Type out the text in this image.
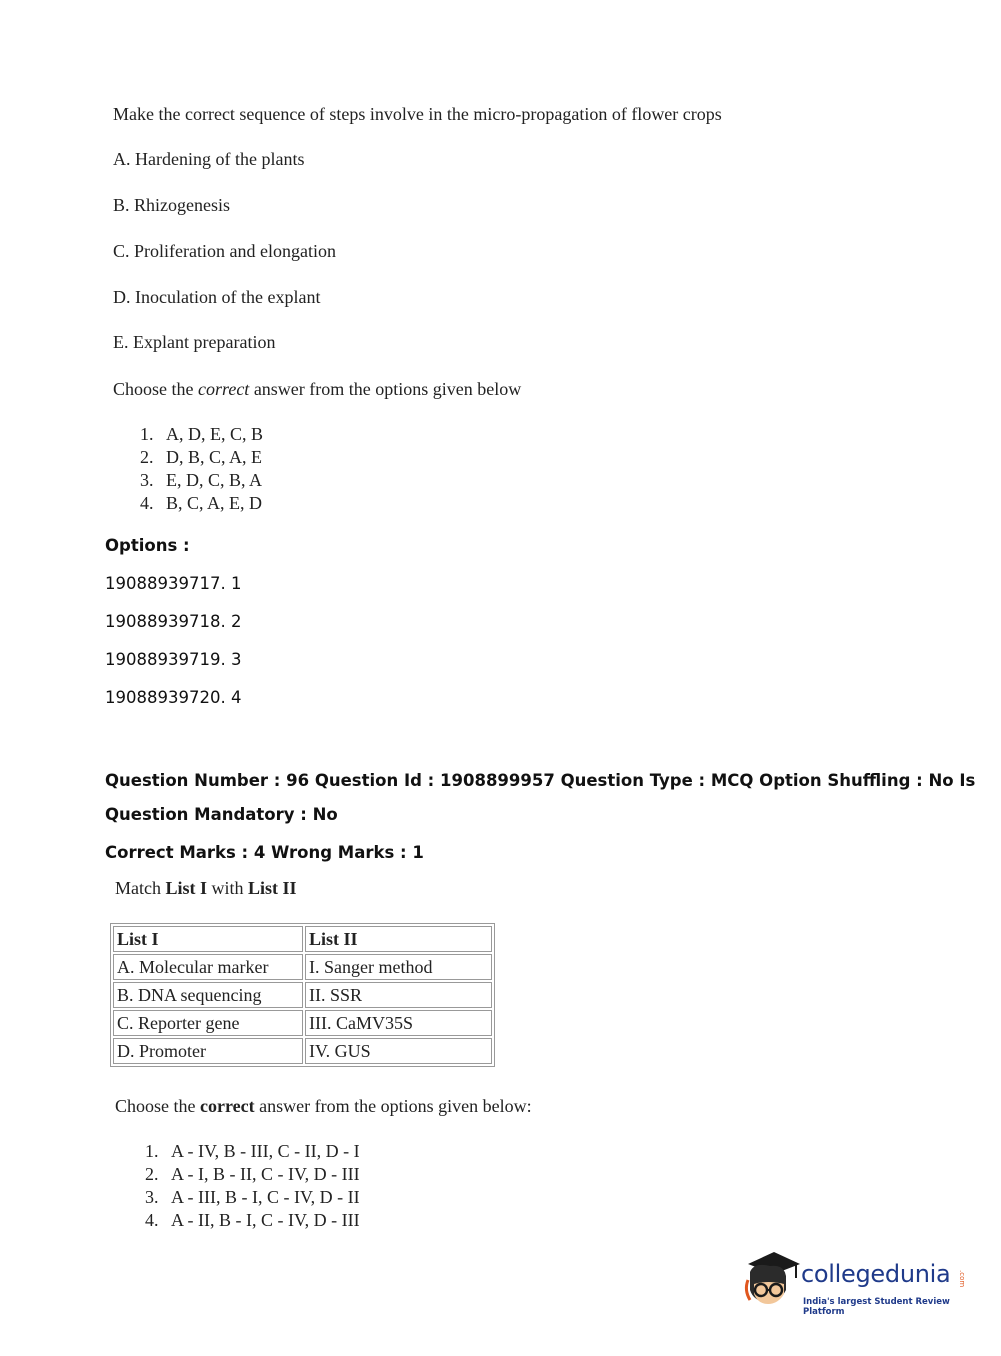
Make the correct sequence of steps involve in the micro-propagation of flower crops
A. Hardening of the plants
B. Rhizogenesis
C. Proliferation and elongation
D. Inoculation of the explant
E. Explant preparation
Choose the correct answer from the options given below
1. A, D, E, C, B
2. D, B, C, A, E
3. E, D, C, B, A
4. B, C, A, E, D
Options :
19088939717. 1
19088939718. 2
19088939719. 3
19088939720. 4
Question Number : 96 Question Id : 1908899957 Question Type : MCQ Option Shuffling : No Is
Question Mandatory : No
Correct Marks : 4 Wrong Marks : 1
Match List I with List II
List I	List II
A. Molecular marker	I. Sanger method
B. DNA sequencing	II. SSR
C. Reporter gene	III. CaMV35S
D. Promoter	IV. GUS
Choose the correct answer from the options given below:
1. A - IV, B - III, C - II, D - I
2. A - I, B - II, C - IV, D - III
3. A - III, B - I, C - IV, D - II
4. A - II, B - I, C - IV, D - III
collegedunia .com
India's largest Student Review Platform
